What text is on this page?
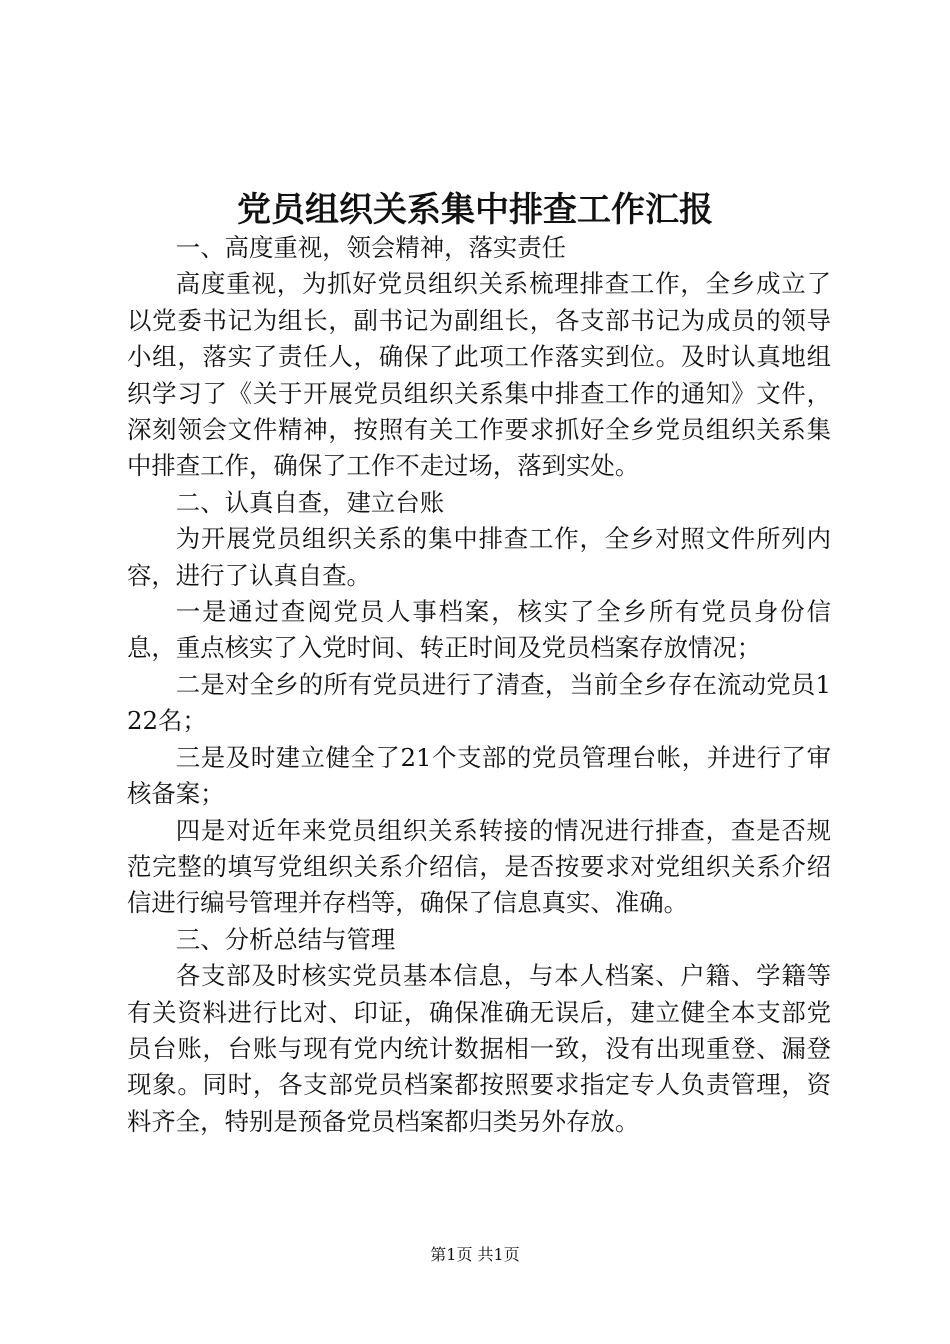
党员组织关系集中排查工作汇报

一、高度重视，领会精神，落实责任

高度重视，为抓好党员组织关系梳理排查工作，全乡成立了以党委书记为组长，副书记为副组长，各支部书记为成员的领导小组，落实了责任人，确保了此项工作落实到位。及时认真地组织学习了《关于开展党员组织关系集中排查工作的通知》文件，深刻领会文件精神，按照有关工作要求抓好全乡党员组织关系集中排查工作，确保了工作不走过场，落到实处。

二、认真自查，建立台账

为开展党员组织关系的集中排查工作，全乡对照文件所列内容，进行了认真自查。

一是通过查阅党员人事档案，核实了全乡所有党员身份信息，重点核实了入党时间、转正时间及党员档案存放情况；

二是对全乡的所有党员进行了清查，当前全乡存在流动党员122名；

三是及时建立健全了21个支部的党员管理台帐，并进行了审核备案；

四是对近年来党员组织关系转接的情况进行排查，查是否规范完整的填写党组织关系介绍信，是否按要求对党组织关系介绍信进行编号管理并存档等，确保了信息真实、准确。

三、分析总结与管理

各支部及时核实党员基本信息，与本人档案、户籍、学籍等有关资料进行比对、印证，确保准确无误后，建立健全本支部党员台账，台账与现有党内统计数据相一致，没有出现重登、漏登现象。同时，各支部党员档案都按照要求指定专人负责管理，资料齐全，特别是预备党员档案都归类另外存放。

第1页 共1页
